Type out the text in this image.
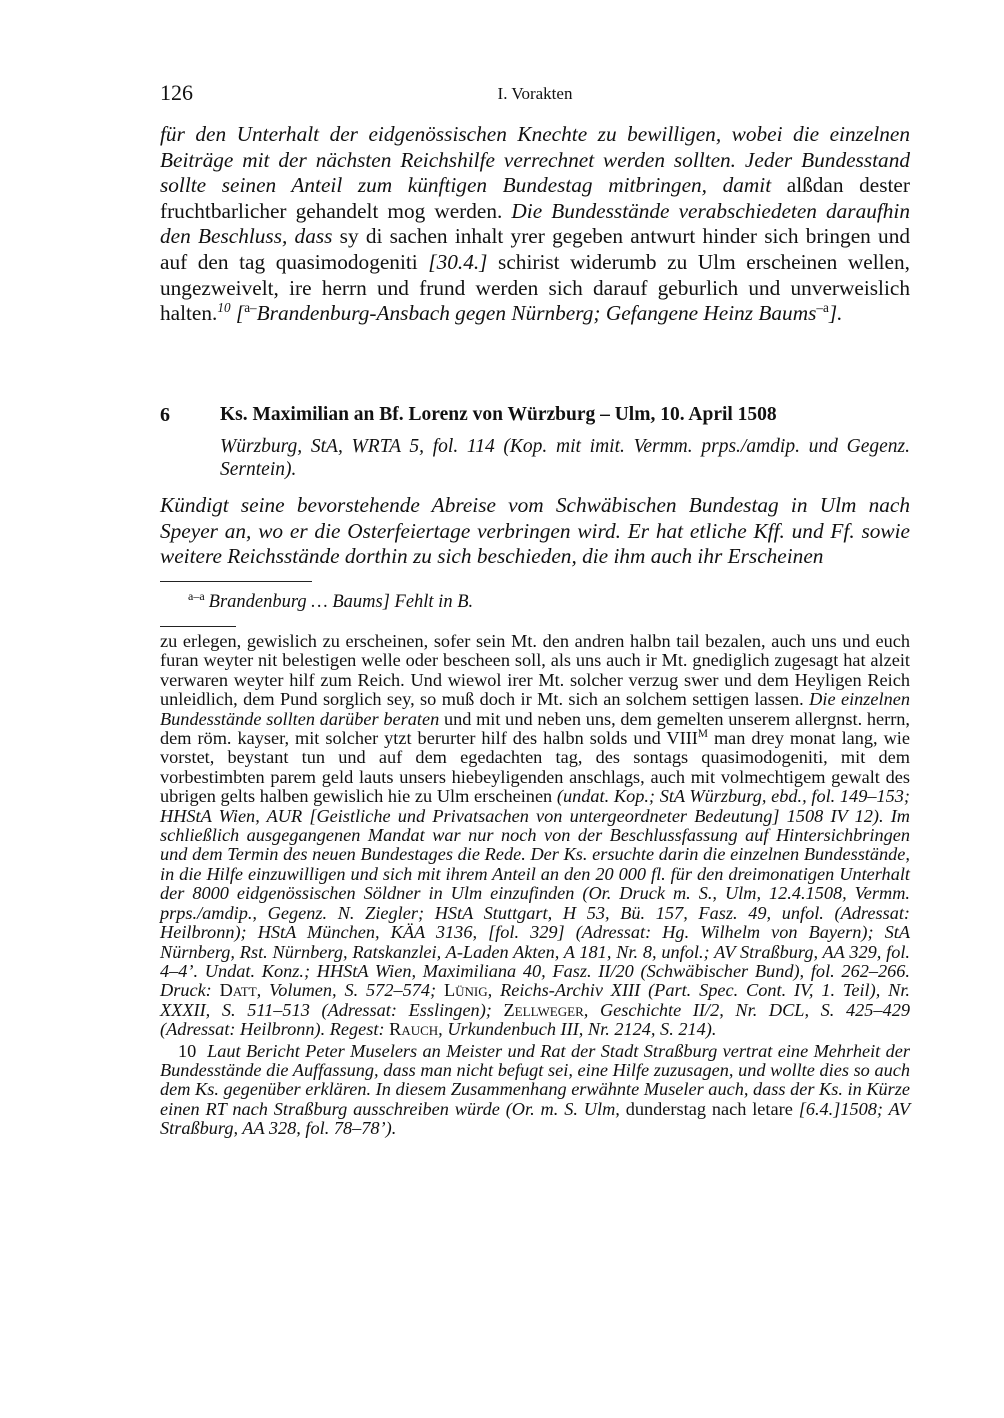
126	I. Vorakten

für den Unterhalt der eidgenössischen Knechte zu bewilligen, wobei die einzelnen Beiträge mit der nächsten Reichshilfe verrechnet werden sollten. Jeder Bundesstand sollte seinen Anteil zum künftigen Bundestag mitbringen, damit alßdan dester fruchtbarlicher gehandelt mog werden. Die Bundesstände verabschiedeten daraufhin den Beschluss, dass sy di sachen inhalt yrer gegeben antwurt hinder sich bringen und auf den tag quasimodogeniti [30.4.] schirist widerumb zu Ulm erscheinen wellen, ungezweivelt, ire herrn und frund werden sich darauf geburlich und unverweislich halten.$^{10}$ [$^{a-}$Brandenburg-Ansbach gegen Nürnberg; Gefangene Heinz Baums$^{-a}$].

6	Ks. Maximilian an Bf. Lorenz von Würzburg – Ulm, 10. April 1508
Würzburg, StA, WRTA 5, fol. 114 (Kop. mit imit. Vermm. prps./amdip. und Gegenz. Serntein).
Kündigt seine bevorstehende Abreise vom Schwäbischen Bundestag in Ulm nach Speyer an, wo er die Osterfeiertage verbringen wird. Er hat etliche Kff. und Ff. sowie weitere Reichsstände dorthin zu sich beschieden, die ihm auch ihr Erscheinen
$^{a-a}$ Brandenburg … Baums] Fehlt in B.

zu erlegen, gewislich zu erscheinen, sofer sein Mt. den andren halbn tail bezalen, auch uns und euch furan weyter nit belestigen welle oder bescheen soll, als uns auch ir Mt. gnediglich zugesagt hat alzeit verwaren weyter hilf zum Reich. Und wiewol irer Mt. solcher verzug swer und dem Heyligen Reich unleidlich, dem Pund sorglich sey, so muß doch ir Mt. sich an solchem settigen lassen. Die einzelnen Bundesstände sollten darüber beraten und mit und neben uns, dem gemelten unserem allergnst. herrn, dem röm. kayser, mit solcher ytzt berurter hilf des halbn solds und $VIII^M$ man drey monat lang, wie vorstet, beystant tun und auf dem egedachten tag, des sontags quasimodogeniti, mit dem vorbestimbten parem geld lauts unsers hiebeyligenden anschlags, auch mit volmechtigem gewalt des ubrigen gelts halben gewislich hie zu Ulm erscheinen (undat. Kop.; StA Würzburg, ebd., fol. 149–153; HHStA Wien, AUR [Geistliche und Privatsachen von untergeordneter Bedeutung] 1508 IV 12). Im schließlich ausgegangenen Mandat war nur noch von der Beschlussfassung auf Hintersichbringen und dem Termin des neuen Bundestages die Rede. Der Ks. ersuchte darin die einzelnen Bundesstände, in die Hilfe einzuwilligen und sich mit ihrem Anteil an den 20 000 fl. für den dreimonatigen Unterhalt der 8000 eidgenössischen Söldner in Ulm einzufinden (Or. Druck m. S., Ulm, 12.4.1508, Vermm. prps./amdip., Gegenz. N. Ziegler; HStA Stuttgart, H 53, Bü. 157, Fasz. 49, unfol. (Adressat: Heilbronn); HStA München, KÄA 3136, [fol. 329] (Adressat: Hg. Wilhelm von Bayern); StA Nürnberg, Rst. Nürnberg, Ratskanzlei, A-Laden Akten, A 181, Nr. 8, unfol.; AV Straßburg, AA 329, fol. 4–4’. Undat. Konz.; HHStA Wien, Maximiliana 40, Fasz. II/20 (Schwäbischer Bund), fol. 262–266. Druck: Datt, Volumen, S. 572–574; Lünig, Reichs-Archiv XIII (Part. Spec. Cont. IV, 1. Teil), Nr. XXXII, S. 511–513 (Adressat: Esslingen); Zellweger, Geschichte II/2, Nr. DCL, S. 425–429 (Adressat: Heilbronn). Regest: Rauch, Urkundenbuch III, Nr. 2124, S. 214).

10 Laut Bericht Peter Muselers an Meister und Rat der Stadt Straßburg vertrat eine Mehrheit der Bundesstände die Auffassung, dass man nicht befugt sei, eine Hilfe zuzusagen, und wollte dies so auch dem Ks. gegenüber erklären. In diesem Zusammenhang erwähnte Museler auch, dass der Ks. in Kürze einen RT nach Straßburg ausschreiben würde (Or. m. S. Ulm, dunderstag nach letare [6.4.]1508; AV Straßburg, AA 328, fol. 78–78’).
